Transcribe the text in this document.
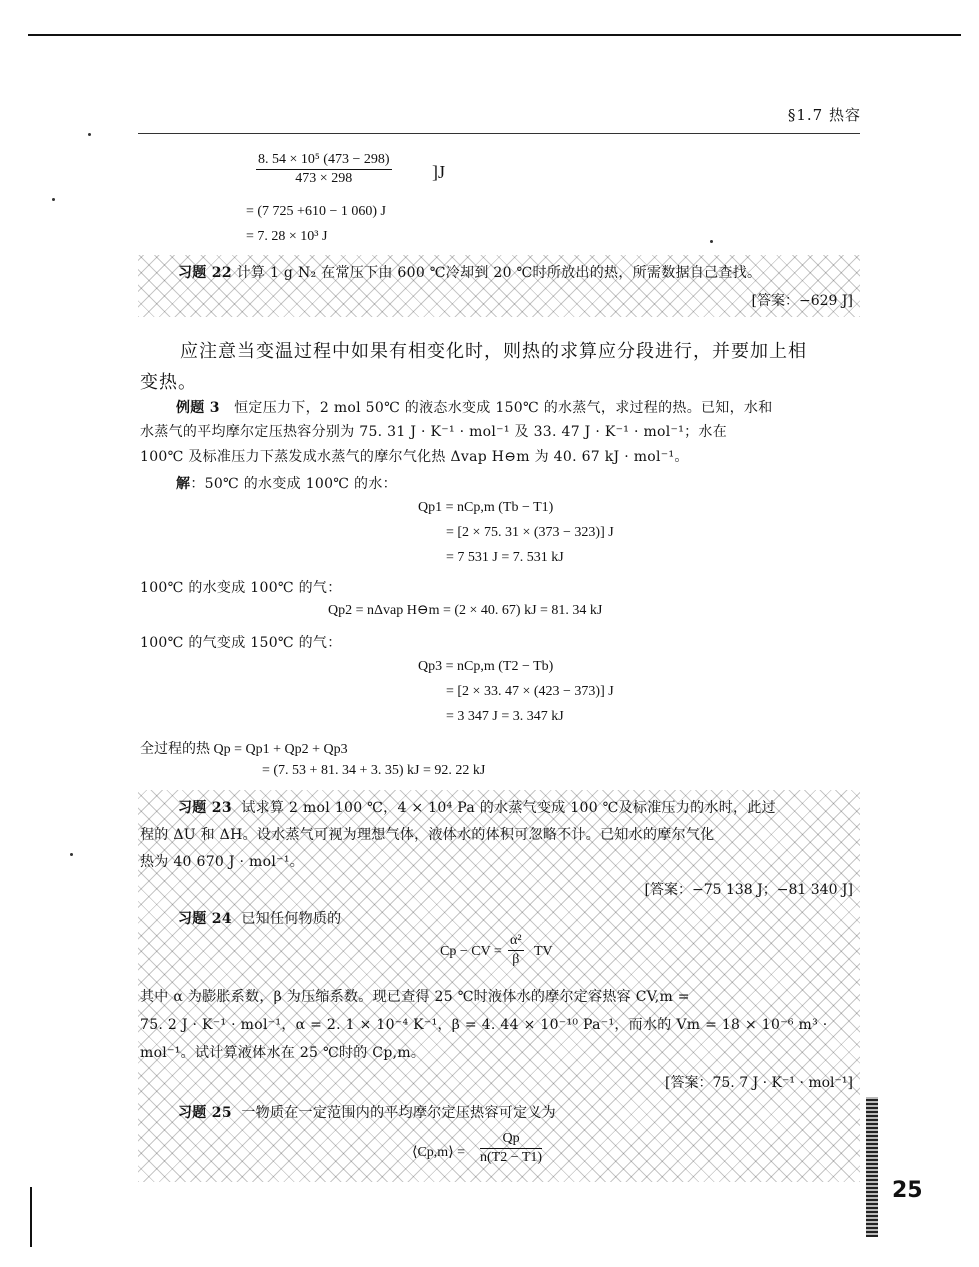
§1.7 热容
$\frac{\text{8. 54 × 10⁵ (473 − 298)}}{473 \times 298} ]J$
= (7 725 +610 − 1 060) J
= 7. 28 × 10³ J
习题 22 计算 1 g N₂ 在常压下由 600 ℃冷却到 20 ℃时所放出的热，所需数据自己查找。
[答案：−629 J]
应注意当变温过程中如果有相变化时，则热的求算应分段进行，并要加上相
变热。
例题 3 恒定压力下，2 mol 50℃ 的液态水变成 150℃ 的水蒸气，求过程的热。已知，水和
水蒸气的平均摩尔定压热容分别为 75. 31 J · K⁻¹ · mol⁻¹ 及 33. 47 J · K⁻¹ · mol⁻¹；水在
100℃ 及标准压力下蒸发成水蒸气的摩尔气化热 Δvap H⊖m 为 40. 67 kJ · mol⁻¹。
解：50℃ 的水变成 100℃ 的水：
Qp1 = nCp,m (Tb − T1)
= [2 × 75. 31 × (373 − 323)] J
= 7 531 J = 7. 531 kJ
100℃ 的水变成 100℃ 的气：
Qp2 = nΔvap H⊖m = (2 × 40. 67) kJ = 81. 34 kJ
100℃ 的气变成 150℃ 的气：
Qp3 = nCp,m (T2 − Tb)
= [2 × 33. 47 × (423 − 373)] J
= 3 347 J = 3. 347 kJ
全过程的热 Qp = Qp1 + Qp2 + Qp3
= (7. 53 + 81. 34 + 3. 35) kJ = 92. 22 kJ
习题 23 试求算 2 mol 100 ℃，4 × 10⁴ Pa 的水蒸气变成 100 ℃及标准压力的水时，此过
程的 ΔU 和 ΔH。设水蒸气可视为理想气体，液体水的体积可忽略不计。已知水的摩尔气化
热为 40 670 J · mol⁻¹。
[答案：−75 138 J；−81 340 J]
习题 24 已知任何物质的
Cp − CV = $\frac{\text{α²}}{\beta}$ TV
其中 α 为膨胀系数，β 为压缩系数。现已查得 25 ℃时液体水的摩尔定容热容 CV,m =
75. 2 J · K⁻¹ · mol⁻¹，α = 2. 1 × 10⁻⁴ K⁻¹，β = 4. 44 × 10⁻¹⁰ Pa⁻¹，而水的 Vm = 18 × 10⁻⁶ m³ ·
mol⁻¹。试计算液体水在 25 ℃时的 Cp,m。
[答案：75. 7 J · K⁻¹ · mol⁻¹]
习题 25 一物质在一定范围内的平均摩尔定压热容可定义为
⟨Cp,m⟩ = $\frac{Qp}{n(T2 - T1)}$
25
